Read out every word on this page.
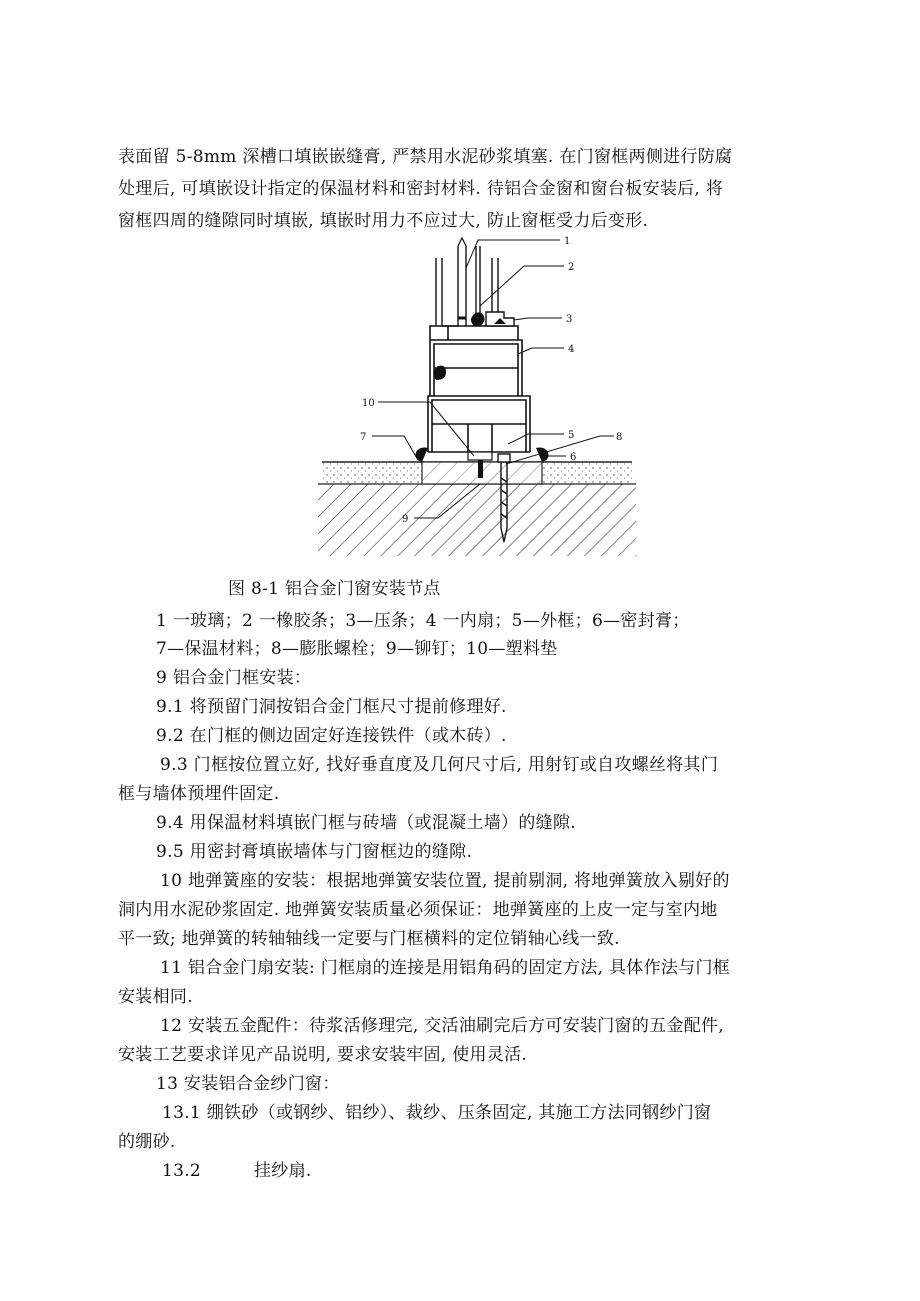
表面留 5-8mm 深槽口填嵌嵌缝膏, 严禁用水泥砂浆填塞. 在门窗框两侧进行防腐
处理后, 可填嵌设计指定的保温材料和密封材料. 待铝合金窗和窗台板安装后, 将
窗框四周的缝隙同时填嵌, 填嵌时用力不应过大, 防止窗框受力后变形.
1
2
3
4
5
6
7	8
9
10
图 8-1 铝合金门窗安装节点
1 一玻璃；2 一橡胶条；3—压条；4 一内扇；5—外框；6—密封膏；
7—保温材料；8—膨胀螺栓；9—铆钉；10—塑料垫
9 铝合金门框安装：
9.1 将预留门洞按铝合金门框尺寸提前修理好.
9.2 在门框的侧边固定好连接铁件（或木砖）.
9.3 门框按位置立好, 找好垂直度及几何尺寸后, 用射钉或自攻螺丝将其门
框与墙体预埋件固定.
9.4 用保温材料填嵌门框与砖墙（或混凝土墙）的缝隙.
9.5 用密封膏填嵌墙体与门窗框边的缝隙.
10 地弹簧座的安装：根据地弹簧安装位置, 提前剔洞, 将地弹簧放入剔好的
洞内用水泥砂浆固定. 地弹簧安装质量必须保证：地弹簧座的上皮一定与室内地
平一致; 地弹簧的转轴轴线一定要与门框横料的定位销轴心线一致.
11 铝合金门扇安装: 门框扇的连接是用铝角码的固定方法, 具体作法与门框
安装相同.
12 安装五金配件：待浆活修理完, 交活油刷完后方可安装门窗的五金配件,
安装工艺要求详见产品说明, 要求安装牢固, 使用灵活.
13 安装铝合金纱门窗：
13.1 绷铁砂（或钢纱、铝纱）、裁纱、压条固定, 其施工方法同钢纱门窗
的绷砂.
13.2	挂纱扇.
